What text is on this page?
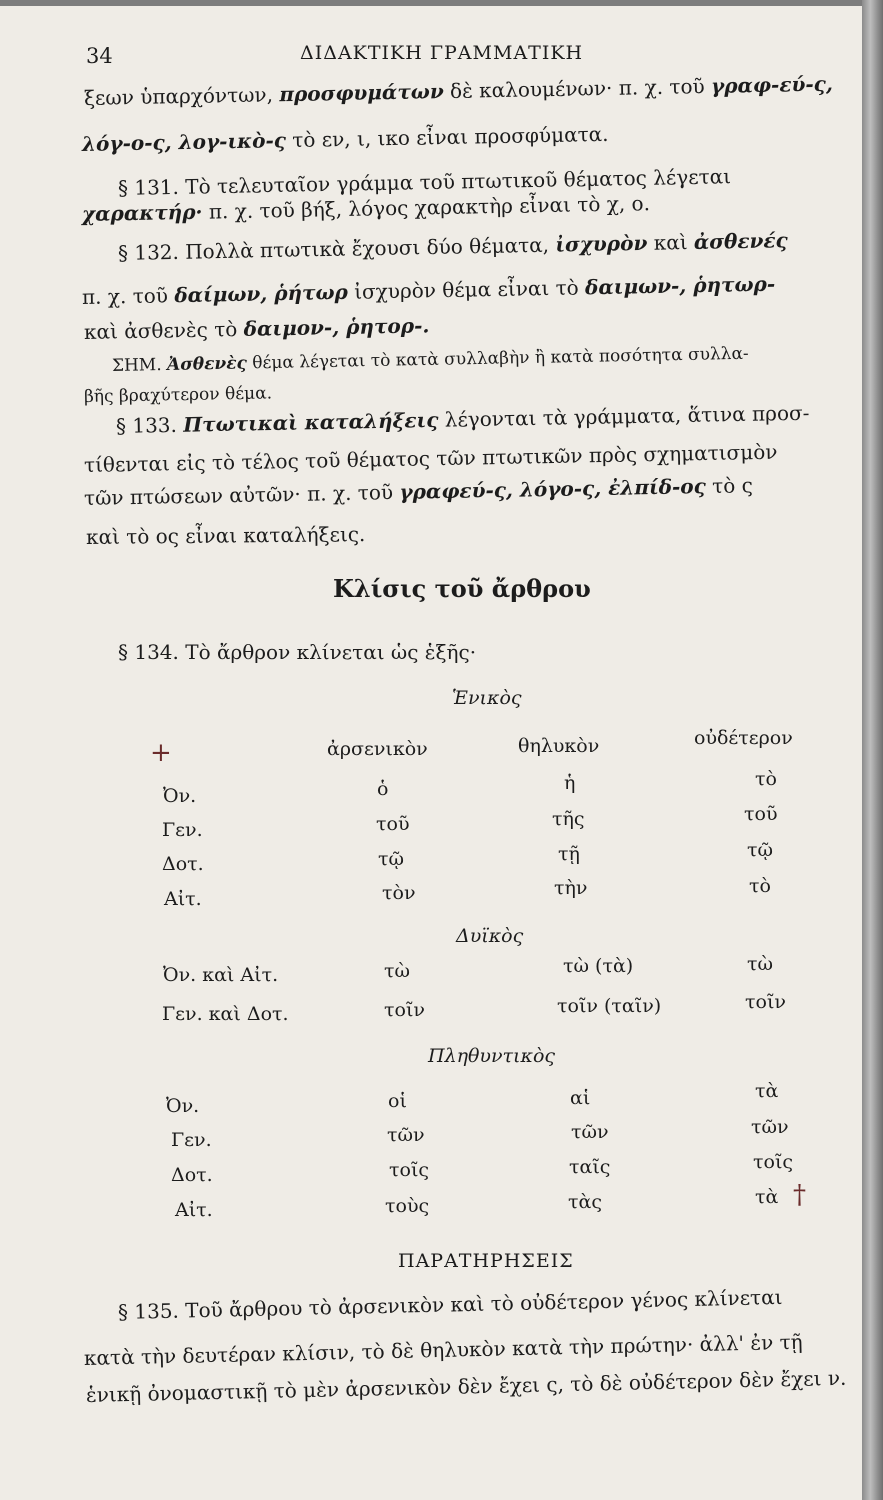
34	ΔΙΔΑΚΤΙΚΗ ΓΡΑΜΜΑΤΙΚΗ
ξεων ὑπαρχόντων, προσφυμάτων δὲ καλουμένων· π. χ. τοῦ γραφ-εύ-ς,
λόγ-ο-ς, λογ-ικὸ-ς τὸ εν, ι, ικο εἶναι προσφύματα.
§ 131. Τὸ τελευταῖον γράμμα τοῦ πτωτικοῦ θέματος λέγεται
χαρακτήρ· π. χ. τοῦ βήξ, λόγος χαρακτὴρ εἶναι τὸ χ, ο.
§ 132. Πολλὰ πτωτικὰ ἔχουσι δύο θέματα, ἰσχυρὸν καὶ ἀσθενές
π. χ. τοῦ δαίμων, ῥήτωρ ἰσχυρὸν θέμα εἶναι τὸ δαιμων-, ῥητωρ-
καὶ ἀσθενὲς τὸ δαιμον-, ῥητορ-.
ΣΗΜ. Ἀσθενὲς θέμα λέγεται τὸ κατὰ συλλαβὴν ἢ κατὰ ποσότητα συλλα-
βῆς βραχύτερον θέμα.
§ 133. Πτωτικαὶ καταλήξεις λέγονται τὰ γράμματα, ἅτινα προσ-
τίθενται εἰς τὸ τέλος τοῦ θέματος τῶν πτωτικῶν πρὸς σχηματισμὸν
τῶν πτώσεων αὐτῶν· π. χ. τοῦ γραφεύ-ς, λόγο-ς, ἐλπίδ-ος τὸ ς
καὶ τὸ ος εἶναι καταλήξεις.
Κλίσις τοῦ ἄρθρου
§ 134. Τὸ ἄρθρον κλίνεται ὡς ἑξῆς·
Ἑνικὸς
+	ἀρσενικὸν	θηλυκὸν	οὐδέτερον
Ὀν.	ὁ	ἡ	τὸ
Γεν.	τοῦ	τῆς	τοῦ
Δοτ.	τῷ	τῇ	τῷ
Αἰτ.	τὸν	τὴν	τὸ
Δυϊκὸς
Ὀν. καὶ Αἰτ.	τὼ	τὼ (τὰ)	τὼ
Γεν. καὶ Δοτ.	τοῖν	τοῖν (ταῖν)	τοῖν
Πληθυντικὸς
Ὀν.	οἱ	αἱ	τὰ
Γεν.	τῶν	τῶν	τῶν
Δοτ.	τοῖς	ταῖς	τοῖς
Αἰτ.	τοὺς	τὰς	τὰ †
ΠΑΡΑΤΗΡΗΣΕΙΣ
§ 135. Τοῦ ἄρθρου τὸ ἀρσενικὸν καὶ τὸ οὐδέτερον γένος κλίνεται
κατὰ τὴν δευτέραν κλίσιν, τὸ δὲ θηλυκὸν κατὰ τὴν πρώτην· ἀλλ' ἐν τῇ
ἑνικῇ ὀνομαστικῇ τὸ μὲν ἀρσενικὸν δὲν ἔχει ς, τὸ δὲ οὐδέτερον δὲν ἔχει ν.
